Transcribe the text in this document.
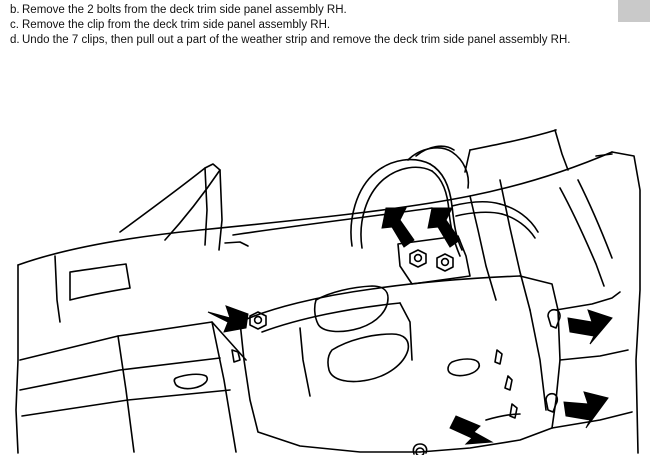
b. Remove the 2 bolts from the deck trim side panel assembly RH.
c. Remove the clip from the deck trim side panel assembly RH.
d. Undo the 7 clips, then pull out a part of the weather strip and remove the deck trim side panel assembly RH.
